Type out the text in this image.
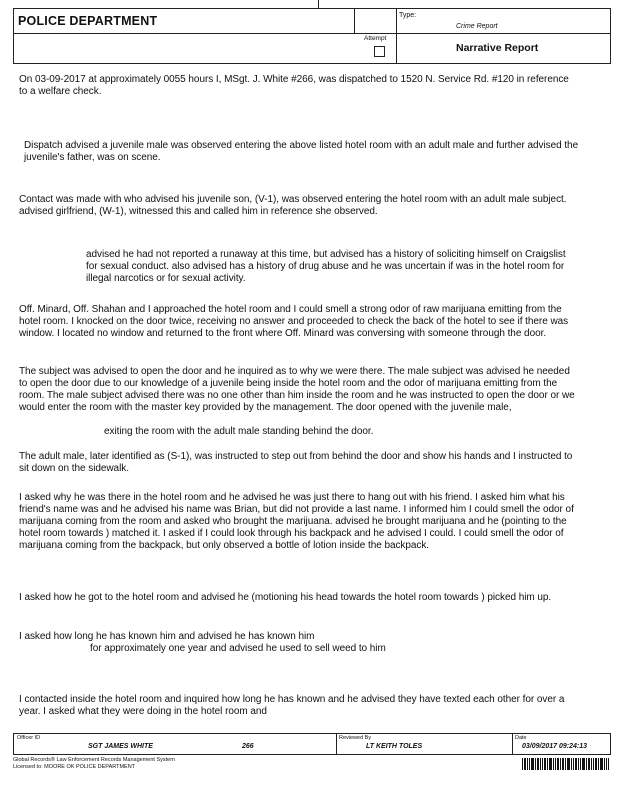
POLICE DEPARTMENT	Type:
Crime Report
Attempt
Narrative Report

On 03-09-2017 at approximately 0055 hours I, MSgt. J. White #266, was dispatched to 1520 N. Service Rd. #120 in reference to a welfare check.

Dispatch advised a juvenile male was observed entering the above listed hotel room with an adult male and further advised the juvenile's father, was on scene.

Contact was made with who advised his juvenile son, (V-1), was observed entering the hotel room with an adult male subject. advised girlfriend, (W-1), witnessed this and called him in reference she observed.

advised he had not reported a runaway at this time, but advised has a history of soliciting himself on Craigslist for sexual conduct. also advised has a history of drug abuse and he was uncertain if was in the hotel room for illegal narcotics or for sexual activity.

Off. Minard, Off. Shahan and I approached the hotel room and I could smell a strong odor of raw marijuana emitting from the hotel room. I knocked on the door twice, receiving no answer and proceeded to check the back of the hotel to see if there was window. I located no window and returned to the front where Off. Minard was conversing with someone through the door.

The subject was advised to open the door and he inquired as to why we were there. The male subject was advised he needed to open the door due to our knowledge of a juvenile being inside the hotel room and the odor of marijuana emitting from the room. The male subject advised there was no one other than him inside the room and he was instructed to open the door or we would enter the room with the master key provided by the management. The door opened with the juvenile male,

exiting the room with the adult male standing behind the door.

The adult male, later identified as (S-1), was instructed to step out from behind the door and show his hands and I instructed to sit down on the sidewalk.

I asked why he was there in the hotel room and he advised he was just there to hang out with his friend. I asked him what his friend's name was and he advised his name was Brian, but did not provide a last name. I informed him I could smell the odor of marijuana coming from the room and asked who brought the marijuana. advised he brought marijuana and he (pointing to the hotel room towards ) matched it. I asked if I could look through his backpack and he advised I could. I could smell the odor of marijuana coming from the backpack, but only observed a bottle of lotion inside the backpack.

I asked how he got to the hotel room and advised he (motioning his head towards the hotel room towards ) picked him up.

I asked how long he has known him and advised he has known him

for approximately one year and advised he used to sell weed to him

I contacted inside the hotel room and inquired how long he has known and he advised they have texted each other for over a year. I asked what they were doing in the hotel room and

Officer ID
SGT JAMES WHITE	266
Reviewed By
LT KEITH TOLES
Date
03/09/2017 09:24:13
Global Records® Law Enforcement Records Management System
Licensed to: MOORE OK POLICE DEPARTMENT
